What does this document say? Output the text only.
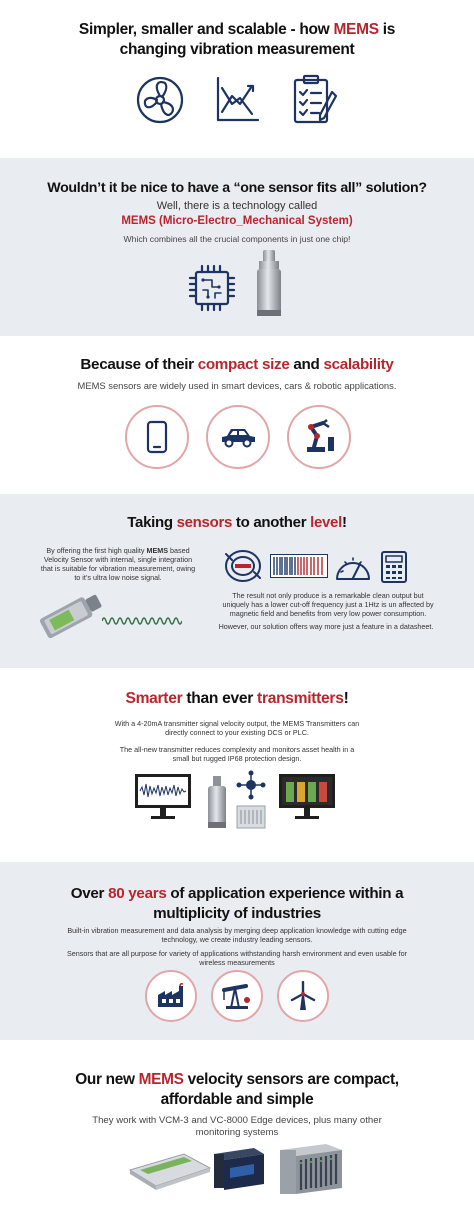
Simpler, smaller and scalable - how MEMS is
changing vibration measurement
Wouldn’t it be nice to have a “one sensor fits all” solution?
Well, there is a technology called
MEMS (Micro-Electro_Mechanical System)
Which combines all the crucial components in just one chip!
Because of their compact size and scalability
MEMS sensors are widely used in smart devices, cars & robotic applications.
Taking sensors to another level!
By offering the first high quality MEMS based Velocity Sensor with internal, single integration that is suitable for vibration measurement, owing to it’s ultra low noise signal.
The result not only produce is a remarkable clean output but uniquely has a lower cut-off frequency just a 1Htz is un affected by magnetic field and benefits from very low power consumption.
However, our solution offers way more just a feature in a datasheet.
Smarter than ever transmitters!
With a 4-20mA transmitter signal velocity output, the MEMS Transmitters can directly connect to your existing DCS or PLC.
The all-new transmitter reduces complexity and monitors asset health in a small but rugged IP68 protection design.
Over 80 years of application experience within a
multiplicity of industries
Built-in vibration measurement and data analysis by merging deep application knowledge with cutting edge technology, we create industry leading sensors.
Sensors that are all purpose for variety of applications withstanding harsh environment and even usable for wireless measurements
Our new MEMS velocity sensors are compact,
affordable and simple
They work with VCM-3 and VC-8000 Edge devices, plus many other monitoring systems
